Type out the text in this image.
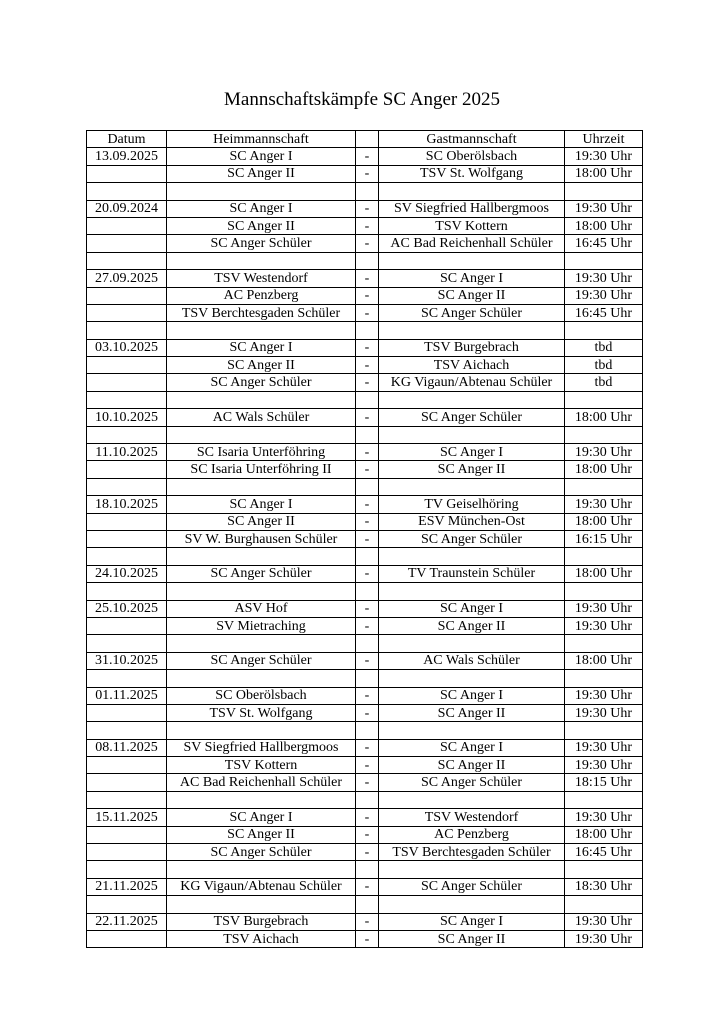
Mannschaftskämpfe SC Anger 2025
Datum	Heimmannschaft		Gastmannschaft	Uhrzeit
13.09.2025	SC Anger I	-	SC Oberölsbach	19:30 Uhr
	SC Anger II	-	TSV St. Wolfgang	18:00 Uhr

20.09.2024	SC Anger I	-	SV Siegfried Hallbergmoos	19:30 Uhr
	SC Anger II	-	TSV Kottern	18:00 Uhr
	SC Anger Schüler	-	AC Bad Reichenhall Schüler	16:45 Uhr

27.09.2025	TSV Westendorf	-	SC Anger I	19:30 Uhr
	AC Penzberg	-	SC Anger II	19:30 Uhr
	TSV Berchtesgaden Schüler	-	SC Anger Schüler	16:45 Uhr

03.10.2025	SC Anger I	-	TSV Burgebrach	tbd
	SC Anger II	-	TSV Aichach	tbd
	SC Anger Schüler	-	KG Vigaun/Abtenau Schüler	tbd

10.10.2025	AC Wals Schüler	-	SC Anger Schüler	18:00 Uhr

11.10.2025	SC Isaria Unterföhring	-	SC Anger I	19:30 Uhr
	SC Isaria Unterföhring II	-	SC Anger II	18:00 Uhr

18.10.2025	SC Anger I	-	TV Geiselhöring	19:30 Uhr
	SC Anger II	-	ESV München-Ost	18:00 Uhr
	SV W. Burghausen Schüler	-	SC Anger Schüler	16:15 Uhr

24.10.2025	SC Anger Schüler	-	TV Traunstein Schüler	18:00 Uhr

25.10.2025	ASV Hof	-	SC Anger I	19:30 Uhr
	SV Mietraching	-	SC Anger II	19:30 Uhr

31.10.2025	SC Anger Schüler	-	AC Wals Schüler	18:00 Uhr

01.11.2025	SC Oberölsbach	-	SC Anger I	19:30 Uhr
	TSV St. Wolfgang	-	SC Anger II	19:30 Uhr

08.11.2025	SV Siegfried Hallbergmoos	-	SC Anger I	19:30 Uhr
	TSV Kottern	-	SC Anger II	19:30 Uhr
	AC Bad Reichenhall Schüler	-	SC Anger Schüler	18:15 Uhr

15.11.2025	SC Anger I	-	TSV Westendorf	19:30 Uhr
	SC Anger II	-	AC Penzberg	18:00 Uhr
	SC Anger Schüler	-	TSV Berchtesgaden Schüler	16:45 Uhr

21.11.2025	KG Vigaun/Abtenau Schüler	-	SC Anger Schüler	18:30 Uhr

22.11.2025	TSV Burgebrach	-	SC Anger I	19:30 Uhr
	TSV Aichach	-	SC Anger II	19:30 Uhr
